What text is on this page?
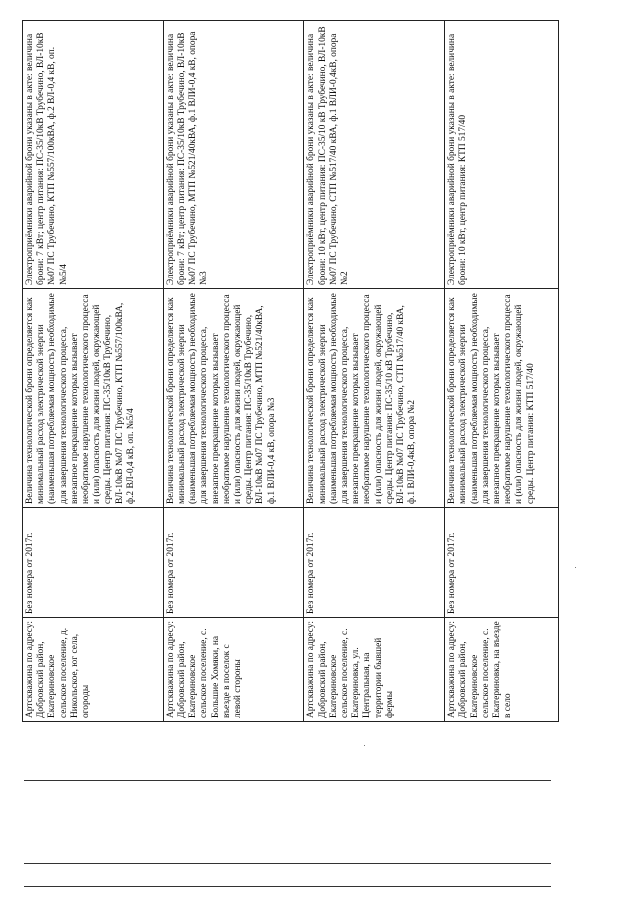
Артскважина по адресу: Добровский район, Екатериновское сельское поселение, д. Никольское, юг села, огороды	Без номера от 2017г.	Величина технологической брони определяется как минимальный расход электрической энергии (наименьшая потребляемая мощность) необходимые для завершения технологического процесса, внезапное прекращение которых вызывает необратимое нарушение технологического процесса и (или) опасность для жизни людей, окружающей среды. Центр питания: ПС-35/10кВ Трубечино, ВЛ-10кВ №07 ПС Трубечино, КТП №557/100кВА, ф.2 ВЛ-0,4 кВ, оп. №5/4	Электроприёмники аварийной брони указаны в акте: величина брони: 7 кВт; центр питания: ПС-35/10кВ Трубечино, ВЛ-10кВ №07 ПС Трубечино, КТП №557/100кВА, ф.2 ВЛ-0,4 кВ, оп. №5/4
Артскважина по адресу: Добровский район, Екатериновское сельское поселение, с. Большие Хомяки, на въезде в поселок с левой стороны	Без номера от 2017г.	Величина технологической брони определяется как минимальный расход электрической энергии (наименьшая потребляемая мощность) необходимые для завершения технологического процесса, внезапное прекращение которых вызывает необратимое нарушение технологического процесса и (или) опасность для жизни людей, окружающей среды. Центр питания: ПС-35/10кВ Трубечино, ВЛ-10кВ №07 ПС Трубечино, МТП №521/40кВА, ф.1 ВЛИ-0,4 кВ, опора №3	Электроприёмники аварийной брони указаны в акте: величина брони: 7 кВт; центр питания: ПС-35/10кВ Трубечино, ВЛ-10кВ №07 ПС Трубечино, МТП №521/40кВА, ф.1 ВЛИ-0,4 кВ, опора №3
Артскважина по адресу: Добровский район, Екатериновское сельское поселение, с. Екатериновка, ул. Центральная, на территории бывшей фермы	Без номера от 2017г.	Величина технологической брони определяется как минимальный расход электрической энергии (наименьшая потребляемая мощность) необходимые для завершения технологического процесса, внезапное прекращение которых вызывает необратимое нарушение технологического процесса и (или) опасность для жизни людей, окружающей среды. Центр питания: ПС-35/10 кВ Трубечино, ВЛ-10кВ №07 ПС Трубечино, СТП №517/40 кВА, ф.1 ВЛИ-0,4кВ, опора №2	Электроприёмники аварийной брони указаны в акте: величина брони: 10 кВт, центр питания: ПС-35/10 кВ Трубечино, ВЛ-10кВ №07 ПС Трубечино, СТП №517/40 кВА, ф.1 ВЛИ-0,4кВ, опора №2
Артскважина по адресу: Добровский район, Екатериновское сельское поселение, с. Екатериновка, на въезде в село	Без номера от 2017г.	Величина технологической брони определяется как минимальный расход электрической энергии (наименьшая потребляемая мощность) необходимые для завершения технологического процесса, внезапное прекращение которых вызывает необратимое нарушение технологического процесса и (или) опасность для жизни людей, окружающей среды. Центр питания: КТП 517/40	Электроприёмники аварийной брони указаны в акте: величина брони: 10 кВт, центр питания: КТП 517/40
